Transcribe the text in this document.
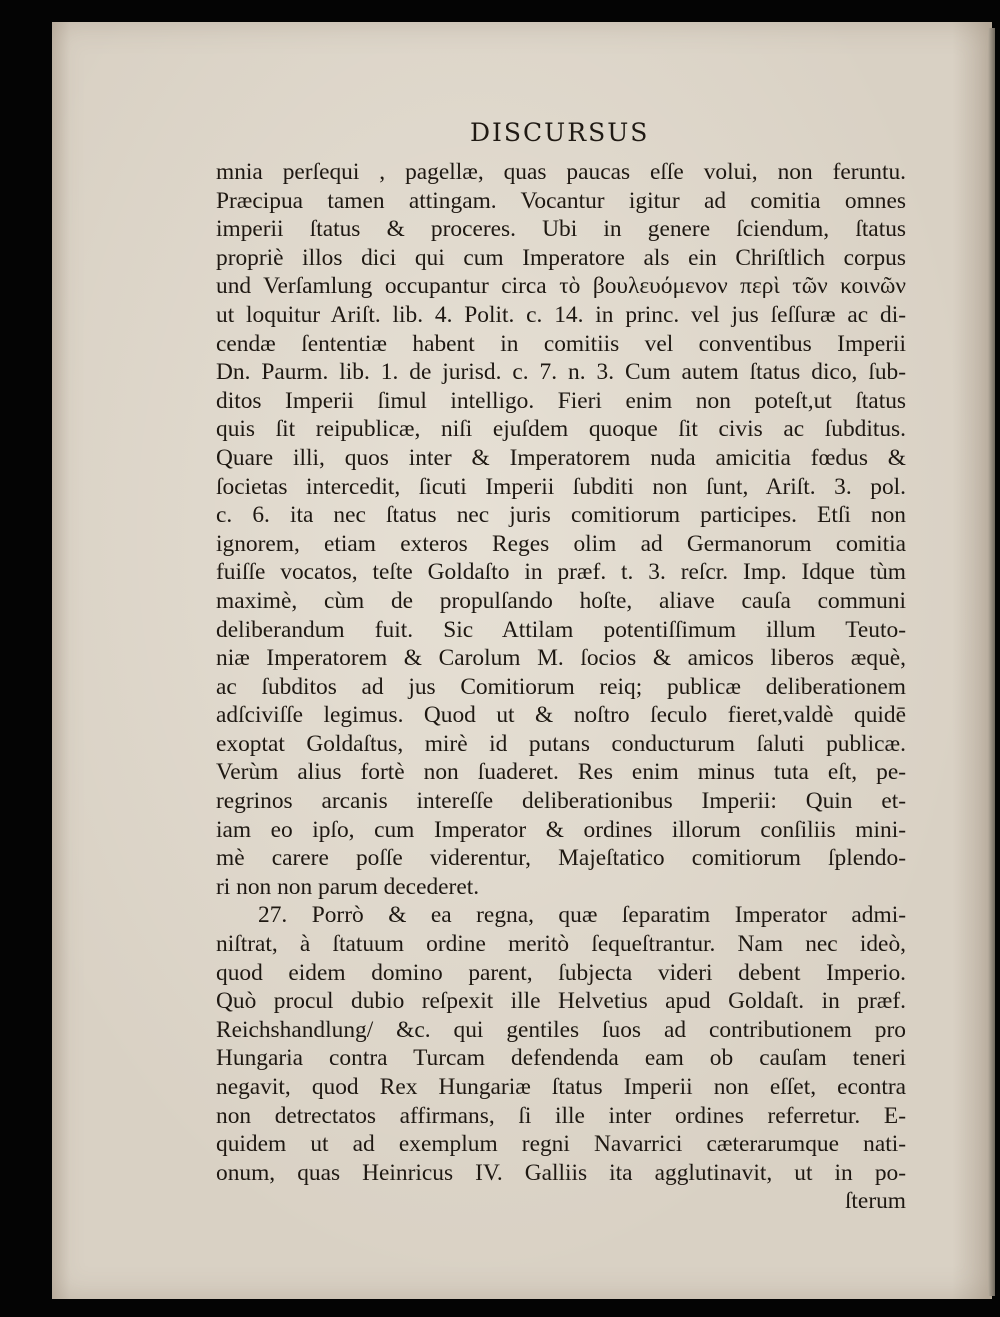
DISCURSUS
mnia perſequi , pagellæ, quas paucas eſſe volui, non feruntu.
Præcipua tamen attingam. Vocantur igitur ad comitia omnes
imperii ſtatus & proceres. Ubi in genere ſciendum, ſtatus
propriè illos dici qui cum Imperatore als ein Chriſtlich corpus
und Verſamlung occupantur circa τὸ βουλευόμενον περὶ τῶν κοινῶν
ut loquitur Ariſt. lib. 4. Polit. c. 14. in princ. vel jus ſeſſuræ ac di-
cendæ ſententiæ habent in comitiis vel conventibus Imperii
Dn. Paurm. lib. 1. de jurisd. c. 7. n. 3. Cum autem ſtatus dico, ſub-
ditos Imperii ſimul intelligo. Fieri enim non poteſt,ut ſtatus
quis ſit reipublicæ, niſi ejuſdem quoque ſit civis ac ſubditus.
Quare illi, quos inter & Imperatorem nuda amicitia fœdus &
ſocietas intercedit, ſicuti Imperii ſubditi non ſunt, Ariſt. 3. pol.
c. 6. ita nec ſtatus nec juris comitiorum participes. Etſi non
ignorem, etiam exteros Reges olim ad Germanorum comitia
fuiſſe vocatos, teſte Goldaſto in præf. t. 3. reſcr. Imp. Idque tùm
maximè, cùm de propulſando hoſte, aliave cauſa communi
deliberandum fuit. Sic Attilam potentiſſimum illum Teuto-
niæ Imperatorem & Carolum M. ſocios & amicos liberos æquè,
ac ſubditos ad jus Comitiorum reiq; publicæ deliberationem
adſciviſſe legimus. Quod ut & noſtro ſeculo fieret,valdè quidē
exoptat Goldaſtus, mirè id putans conducturum ſaluti publicæ.
Verùm alius fortè non ſuaderet. Res enim minus tuta eſt, pe-
regrinos arcanis intereſſe deliberationibus Imperii: Quin et-
iam eo ipſo, cum Imperator & ordines illorum conſiliis mini-
mè carere poſſe viderentur, Majeſtatico comitiorum ſplendo-
ri non non parum decederet.
27. Porrò & ea regna, quæ ſeparatim Imperator admi-
niſtrat, à ſtatuum ordine meritò ſequeſtrantur. Nam nec ideò,
quod eidem domino parent, ſubjecta videri debent Imperio.
Quò procul dubio reſpexit ille Helvetius apud Goldaſt. in præf.
Reichshandlung/ &c. qui gentiles ſuos ad contributionem pro
Hungaria contra Turcam defendenda eam ob cauſam teneri
negavit, quod Rex Hungariæ ſtatus Imperii non eſſet, econtra
non detrectatos affirmans, ſi ille inter ordines referretur. E-
quidem ut ad exemplum regni Navarrici cæterarumque nati-
onum, quas Heinricus IV. Galliis ita agglutinavit, ut in po-
ſterum
